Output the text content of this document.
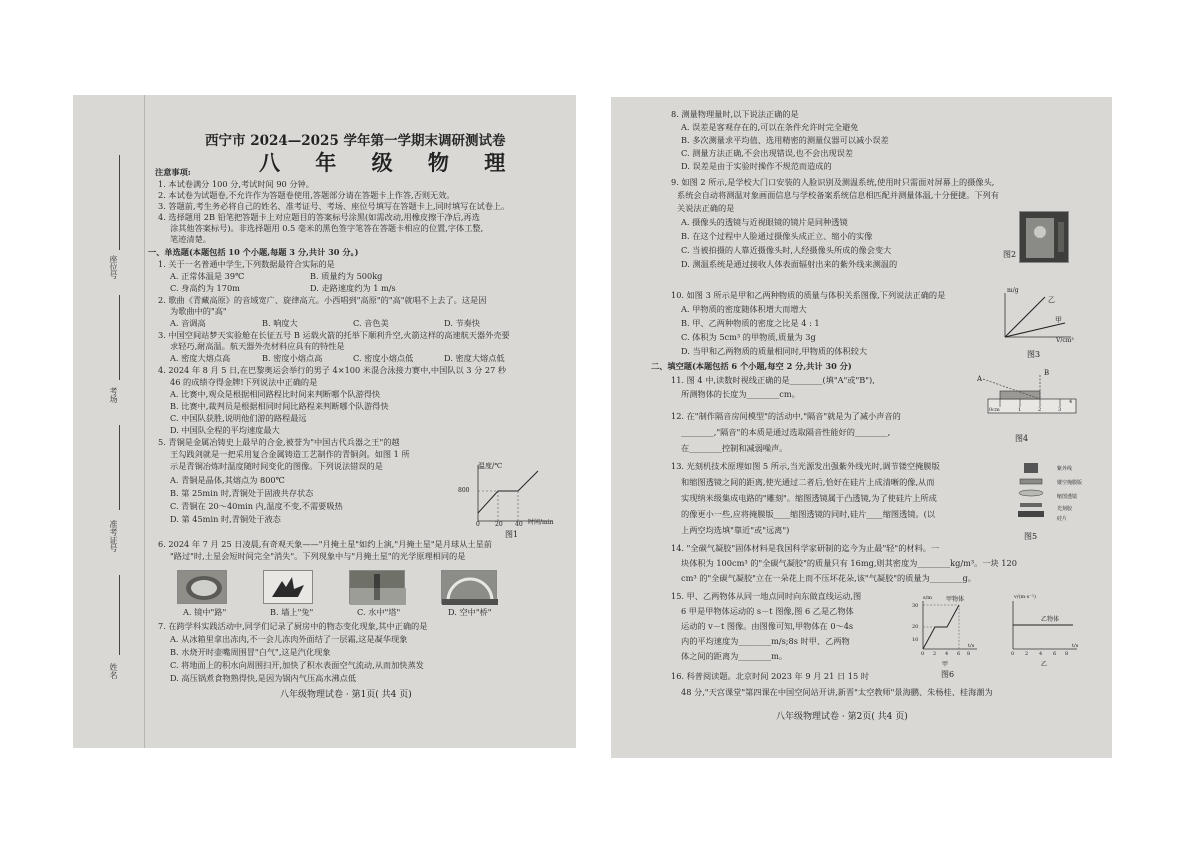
座位号
考场
准考证号
姓名
西宁市 2024—2025 学年第一学期末调研测试卷
八 年 级 物 理
注意事项:
1. 本试卷满分 100 分,考试时间 90 分钟。
2. 本试卷为试题卷,不允许作为答题卷使用,答题部分请在答题卡上作答,否则无效。
3. 答题前,考生务必将自己的姓名、准考证号、考场、座位号填写在答题卡上,同时填写在试卷上。
4. 选择题用 2B 铅笔把答题卡上对应题目的答案标号涂黑(如需改动,用橡皮擦干净后,再选
涂其他答案标号)。非选择题用 0.5 毫米的黑色签字笔答在答题卡相应的位置,字体工整,
笔迹清楚。
一、单选题(本题包括 10 个小题,每题 3 分,共计 30 分。)
1. 关于一名普通中学生,下列数据最符合实际的是
A. 正常体温是 39℃	B. 质量约为 500kg
C. 身高约为 170m	D. 走路速度约为 1 m/s
2. 歌曲《青藏高原》的音域宽广、旋律高亢。小西唱到"高原"的"高"就唱不上去了。这是因
为歌曲中的"高"
A. 音调高	B. 响度大	C. 音色美	D. 节奏快
3. 中国空间站梦天实验舱在长征五号 B 运载火箭的托举下顺利升空,火箭这样的高速航天器外壳要
求轻巧,耐高温。航天器外壳材料应具有的特性是
A. 密度大熔点高	B. 密度小熔点高	C. 密度小熔点低	D. 密度大熔点低
4. 2024 年 8 月 5 日,在巴黎奥运会举行的男子 4×100 米混合泳接力赛中,中国队以 3 分 27 秒
46 的成绩夺得金牌!下列说法中正确的是
A. 比赛中,观众是根据相同路程比时间来判断哪个队游得快
B. 比赛中,裁判员是根据相同时间比路程来判断哪个队游得快
C. 中国队获胜,说明他们游的路程最远
D. 中国队全程的平均速度最大
5. 青铜是金属冶铸史上最早的合金,被誉为"中国古代兵器之王"的越
王勾践剑就是一把采用复合金属铸造工艺制作的青铜剑。如图 1 所
示是青铜冶炼时温度随时间变化的图像。下列说法错误的是
A. 青铜是晶体,其熔点为 800℃
B. 第 25min 时,青铜处于固液共存状态
C. 青铜在 20～40min 内,温度不变,不需要吸热
D. 第 45min 时,青铜处于液态
温度/℃
800
0	20 40 时间/min
图1
6. 2024 年 7 月 25 日凌晨,有奇观天象——"月掩土星"如约上演,"月掩土星"是月球从土星前
"路过"时,土星会短时间完全"消失"。下列现象中与"月掩土星"的光学原理相同的是
A. 镜中"路"	B. 墙上"兔"	C. 水中"塔"	D. 空中"桥"
7. 在跨学科实践活动中,同学们记录了厨房中的物态变化现象,其中正确的是
A. 从冰箱里拿出冻肉,不一会儿冻肉外面结了一层霜,这是凝华现象
B. 水烧开时壶嘴周围冒"白气",这是汽化现象
C. 将地面上的积水向周围扫开,加快了积水表面空气流动,从而加快蒸发
D. 高压锅煮食物熟得快,是因为锅内气压高水沸点低
八年级物理试卷 · 第1页( 共4 页)
8. 测量物理量时,以下说法正确的是
A. 误差是客观存在的,可以在条件允许时完全避免
B. 多次测量求平均值、选用精密的测量仪器可以减小误差
C. 测量方法正确,不会出现错误,也不会出现误差
D. 误差是由于实验时操作不规范而造成的
9. 如图 2 所示,是学校大门口安装的人脸识别及测温系统,使用时只需面对屏幕上的摄像头,
系统会自动将测温对象画面信息与学校备案系统信息相匹配并测量体温,十分便捷。下列有
关说法正确的是
A. 摄像头的透镜与近视眼镜的镜片是同种透镜
B. 在这个过程中人脸通过摄像头成正立、缩小的实像
C. 当被拍摄的人靠近摄像头时,人经摄像头所成的像会变大
D. 测温系统是通过接收人体表面辐射出来的紫外线来测温的
图2
10. 如图 3 所示是甲和乙两种物质的质量与体积关系图像,下列说法正确的是
A. 甲物质的密度随体积增大而增大
B. 甲、乙两种物质的密度之比是 4 : 1
C. 体积为 5cm³ 的甲物质,质量为 3g
D. 当甲和乙两物质的质量相同时,甲物质的体积较大
m/g
乙
甲
V/cm³
图3
二、填空题(本题包括 6 个小题,每空 2 分,共计 30 分)
11. 图 4 中,读数时视线正确的是________(填"A"或"B"),
所测物体的长度为________cm。
A
B
0cm	1	2	3
4
图4
12. 在"制作隔音房间模型"的活动中,"隔音"就是为了减小声音的
________,"隔音"的本质是通过选取隔音性能好的________,
在________控制和减弱噪声。
13. 光刻机技术原理如图 5 所示,当光源发出强紫外线光时,调节镂空掩膜版
和缩图透镜之间的距离,使光通过二者后,恰好在硅片上成清晰的像,从而
实现纳米级集成电路的"雕刻"。缩图透镜属于凸透镜,为了使硅片上所成
的像更小一些,应将掩膜版____缩图透镜的同时,硅片____缩图透镜。(以
上两空均选填"靠近"或"远离")
紫外线
镂空掩膜版
缩图透镜
光刻胶
硅片
图5
14. "全碳气凝胶"固体材料是我国科学家研制的迄今为止最"轻"的材料。一
块体积为 100cm³ 的"全碳气凝胶"的质量只有 16mg,则其密度为________kg/m³。一块 120
cm³ 的"全碳气凝胶"立在一朵花上而不压坏花朵,该"气凝胶"的质量为________g。
15. 甲、乙两物体从同一地点同时向东做直线运动,图
6 甲是甲物体运动的 s－t 图像,图 6 乙是乙物体
运动的 v－t 图像。由图像可知,甲物体在 0～4s
内的平均速度为________m/s;8s 时甲、乙两物
体之间的距离为________m。
甲物体
s/m
30
20
10
0 2 4 6 8
t/s
甲
v/(m·s⁻¹)
乙物体
0 2 4 6 8
t/s
乙
图6
16. 科普阅读题。北京时间 2023 年 9 月 21 日 15 时
48 分,"天宫课堂"第四课在中国空间站开讲,新晋"太空教师"景海鹏、朱杨桂、桂海潮为
八年级物理试卷 · 第2页( 共4 页)
